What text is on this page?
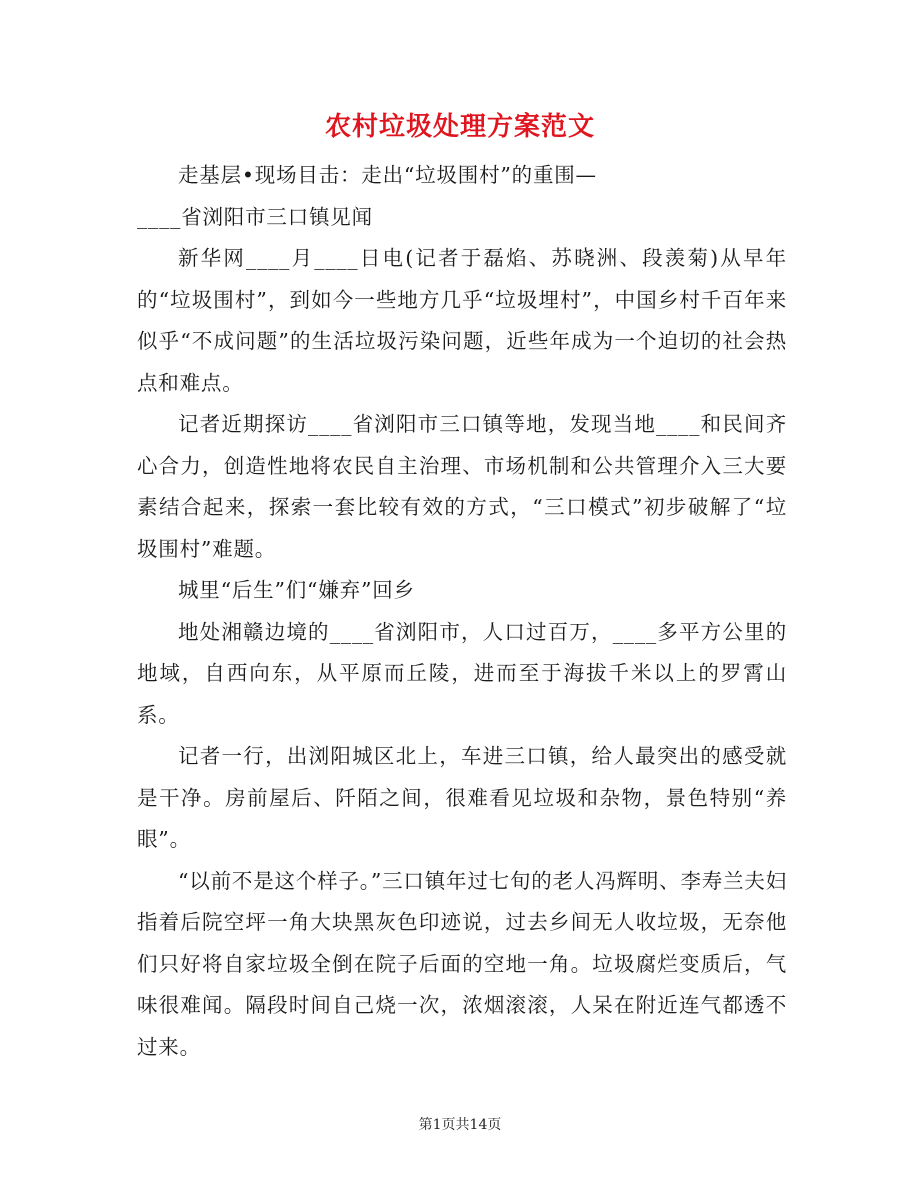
农村垃圾处理方案范文

走基层•现场目击：走出“垃圾围村”的重围—

____省浏阳市三口镇见闻

新华网____月____日电(记者于磊焰、苏晓洲、段羡菊)从早年的“垃圾围村”，到如今一些地方几乎“垃圾埋村”，中国乡村千百年来似乎“不成问题”的生活垃圾污染问题，近些年成为一个迫切的社会热点和难点。

记者近期探访____省浏阳市三口镇等地，发现当地____和民间齐心合力，创造性地将农民自主治理、市场机制和公共管理介入三大要素结合起来，探索一套比较有效的方式，“三口模式”初步破解了“垃圾围村”难题。

城里“后生”们“嫌弃”回乡

地处湘赣边境的____省浏阳市，人口过百万，____多平方公里的地域，自西向东，从平原而丘陵，进而至于海拔千米以上的罗霄山系。

记者一行，出浏阳城区北上，车进三口镇，给人最突出的感受就是干净。房前屋后、阡陌之间，很难看见垃圾和杂物，景色特别“养眼”。

“以前不是这个样子。”三口镇年过七旬的老人冯辉明、李寿兰夫妇指着后院空坪一角大块黑灰色印迹说，过去乡间无人收垃圾，无奈他们只好将自家垃圾全倒在院子后面的空地一角。垃圾腐烂变质后，气味很难闻。隔段时间自己烧一次，浓烟滚滚，人呆在附近连气都透不过来。

第1页共14页
